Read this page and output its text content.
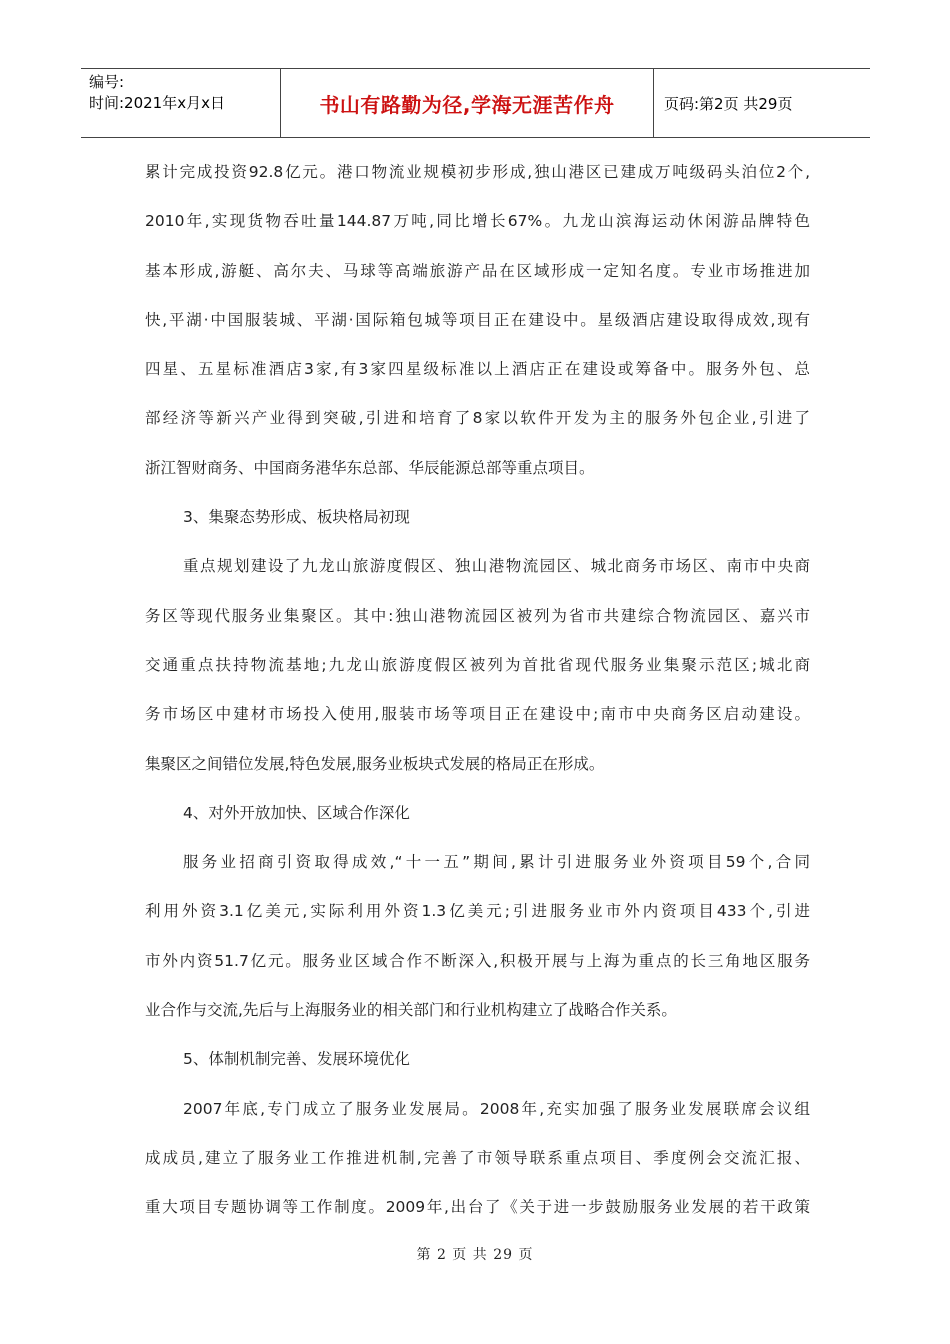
编号:
时间:2021年x月x日	书山有路勤为径,学海无涯苦作舟	页码:第2页 共29页

累计完成投资92.8亿元。港口物流业规模初步形成,独山港区已建成万吨级码头泊位2个,

2010年,实现货物吞吐量144.87万吨,同比增长67%。九龙山滨海运动休闲游品牌特色

基本形成,游艇、高尔夫、马球等高端旅游产品在区域形成一定知名度。专业市场推进加

快,平湖·中国服装城、平湖·国际箱包城等项目正在建设中。星级酒店建设取得成效,现有

四星、五星标准酒店3家,有3家四星级标准以上酒店正在建设或筹备中。服务外包、总

部经济等新兴产业得到突破,引进和培育了8家以软件开发为主的服务外包企业,引进了

浙江智财商务、中国商务港华东总部、华辰能源总部等重点项目。

3、集聚态势形成、板块格局初现

重点规划建设了九龙山旅游度假区、独山港物流园区、城北商务市场区、南市中央商

务区等现代服务业集聚区。其中:独山港物流园区被列为省市共建综合物流园区、嘉兴市

交通重点扶持物流基地;九龙山旅游度假区被列为首批省现代服务业集聚示范区;城北商

务市场区中建材市场投入使用,服装市场等项目正在建设中;南市中央商务区启动建设。

集聚区之间错位发展,特色发展,服务业板块式发展的格局正在形成。

4、对外开放加快、区域合作深化

服务业招商引资取得成效,“十一五”期间,累计引进服务业外资项目59个,合同

利用外资3.1亿美元,实际利用外资1.3亿美元;引进服务业市外内资项目433个,引进

市外内资51.7亿元。服务业区域合作不断深入,积极开展与上海为重点的长三角地区服务

业合作与交流,先后与上海服务业的相关部门和行业机构建立了战略合作关系。

5、体制机制完善、发展环境优化

2007年底,专门成立了服务业发展局。2008年,充实加强了服务业发展联席会议组

成成员,建立了服务业工作推进机制,完善了市领导联系重点项目、季度例会交流汇报、

重大项目专题协调等工作制度。2009年,出台了《关于进一步鼓励服务业发展的若干政策

第 2 页 共 29 页
